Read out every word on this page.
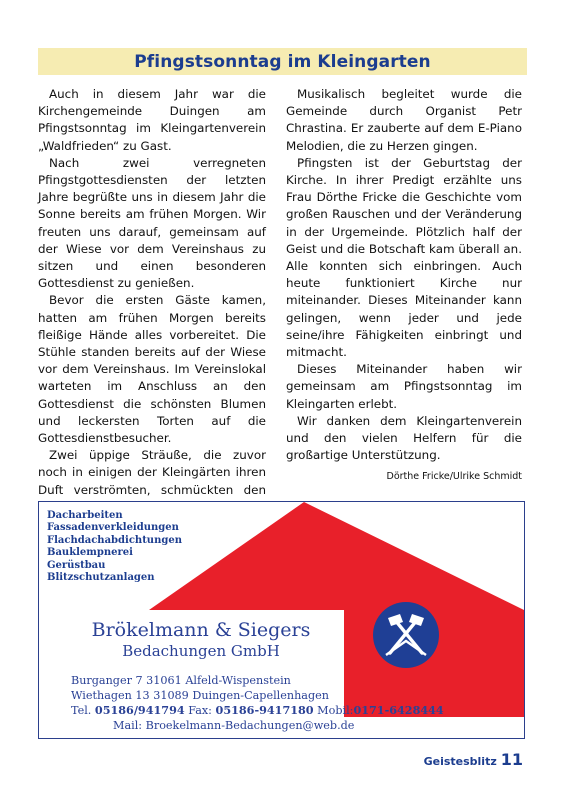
Pfingstsonntag im Kleingarten

Auch in diesem Jahr war die Kirchengemeinde Duingen am Pfingstsonntag im Kleingartenverein „Waldfrieden“ zu Gast.

Nach zwei verregneten Pfingstgottesdiensten der letzten Jahre begrüßte uns in diesem Jahr die Sonne bereits am frühen Morgen. Wir freuten uns darauf, gemeinsam auf der Wiese vor dem Vereinshaus zu sitzen und einen besonderen Gottesdienst zu genießen.

Bevor die ersten Gäste kamen, hatten am frühen Morgen bereits fleißige Hände alles vorbereitet. Die Stühle standen bereits auf der Wiese vor dem Vereinshaus. Im Vereinslokal warteten im Anschluss an den Gottesdienst die schönsten Blumen und leckersten Torten auf die Gottesdienstbesucher.

Zwei üppige Sträuße, die zuvor noch in einigen der Kleingärten ihren Duft verströmten, schmückten den

Musikalisch begleitet wurde die Gemeinde durch Organist Petr Chrastina. Er zauberte auf dem E-Piano Melodien, die zu Herzen gingen.

Pfingsten ist der Geburtstag der Kirche. In ihrer Predigt erzählte uns Frau Dörthe Fricke die Geschichte vom großen Rauschen und der Veränderung in der Urgemeinde. Plötzlich half der Geist und die Botschaft kam überall an. Alle konnten sich einbringen. Auch heute funktioniert Kirche nur miteinander. Dieses Miteinander kann gelingen, wenn jeder und jede seine/ihre Fähigkeiten einbringt und mitmacht.

Dieses Miteinander haben wir gemeinsam am Pfingstsonntag im Kleingarten erlebt.

Wir danken dem Kleingartenverein und den vielen Helfern für die großartige Unterstützung.

Dörthe Fricke/Ulrike Schmidt

Dacharbeiten
Fassadenverkleidungen
Flachdachabdichtungen
Bauklempnerei
Gerüstbau
Blitzschutzanlagen
Brökelmann & Siegers
Bedachungen GmbH
Burganger 7 31061 Alfeld-Wispenstein
Wiethagen 13 31089 Duingen-Capellenhagen
Tel. 05186/941794 Fax: 05186-9417180 Mobil:0171-6428444
Mail: Broekelmann-Bedachungen@web.de
Geistesblitz 11
